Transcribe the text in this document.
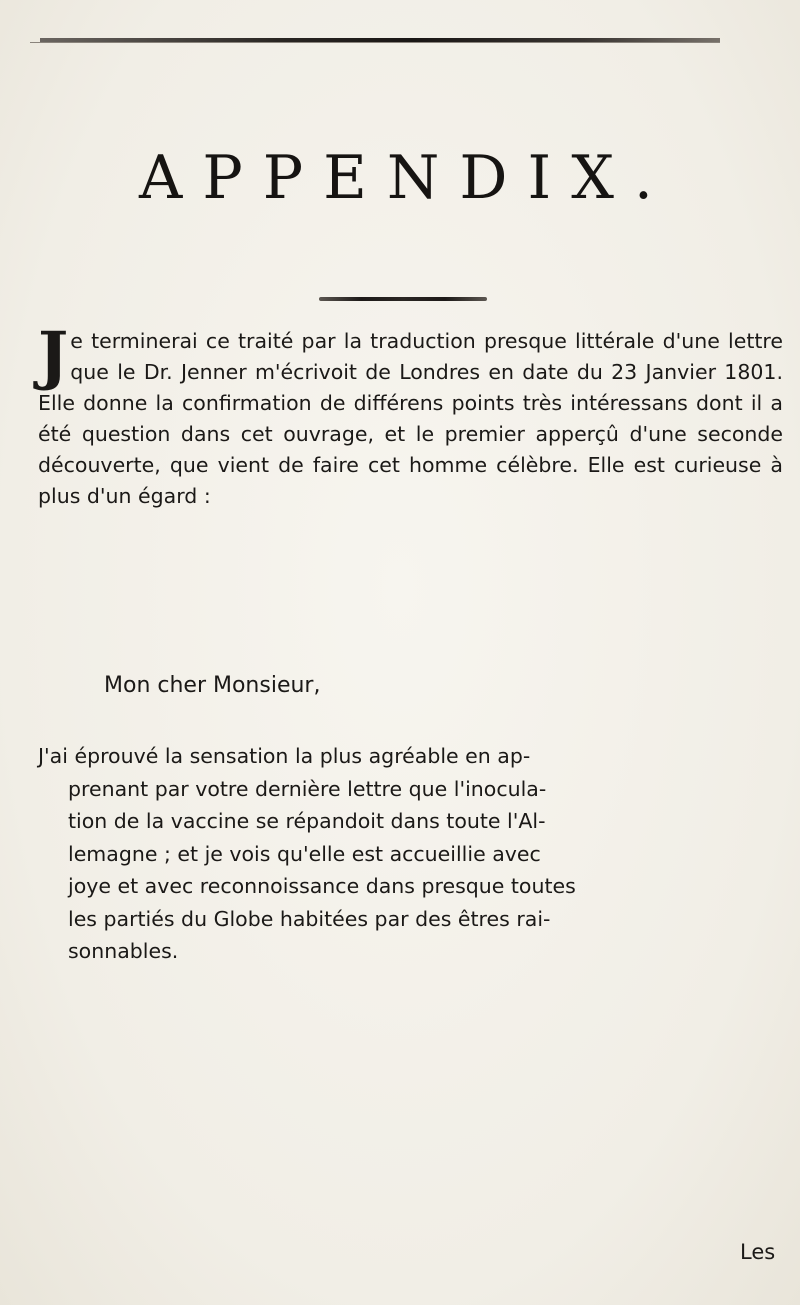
APPENDIX.
J e terminerai ce traité par la traduction presque littérale d'une lettre que le Dr. Jenner m'écrivoit de Londres en date du 23 Janvier 1801. Elle donne la confirmation de différens points très intéressans dont il a été question dans cet ouvrage, et le premier apperçû d'une seconde découverte, que vient de faire cet homme célèbre. Elle est curieuse à plus d'un égard :
Mon cher Monsieur,
J'ai éprouvé la sensation la plus agréable en ap-
prenant par votre dernière lettre que l'inocula-
tion de la vaccine se répandoit dans toute l'Al-
lemagne ; et je vois qu'elle est accueillie avec
joye et avec reconnoissance dans presque toutes
les partiés du Globe habitées par des êtres rai-
sonnables.
Les
